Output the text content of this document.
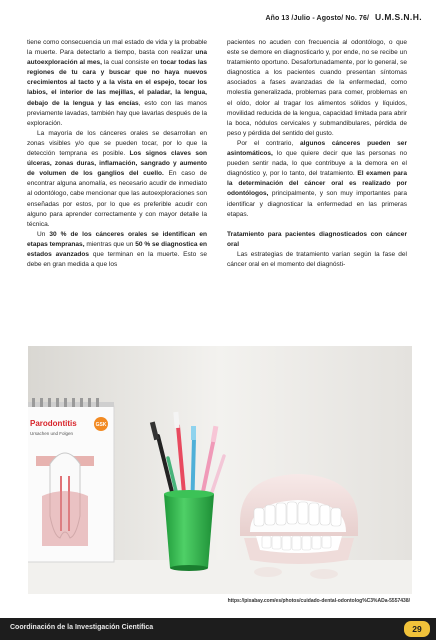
Año 13 /Julio - Agosto/ No. 76/ U.M.S.N.H.

tiene como consecuencia un mal estado de vida y la probable la muerte. Para detectarlo a tiempo, basta con realizar una autoexploración al mes, la cual consiste en tocar todas las regiones de tu cara y buscar que no haya nuevos crecimientos al tacto y a la vista en el espejo, tocar los labios, el interior de las mejillas, el paladar, la lengua, debajo de la lengua y las encías, esto con las manos previamente lavadas, también hay que lavarlas después de la exploración.

La mayoría de los cánceres orales se desarrollan en zonas visibles y/o que se pueden tocar, por lo que la detección temprana es posible. Los signos claves son úlceras, zonas duras, inflamación, sangrado y aumento de volumen de los ganglios del cuello. En caso de encontrar alguna anomalía, es necesario acudir de inmediato al odontólogo, cabe mencionar que las autoexploraciones son enseñadas por estos, por lo que es preferible acudir con alguno para aprender correctamente y con mayor detalle la técnica.

Un 30 % de los cánceres orales se identifican en etapas tempranas, mientras que un 50 % se diagnostica en estados avanzados que terminan en la muerte. Esto se debe en gran medida a que los

pacientes no acuden con frecuencia al odontólogo, o que este se demore en diagnosticarlo y, por ende, no se recibe un tratamiento oportuno. Desafortunadamente, por lo general, se diagnostica a los pacientes cuando presentan síntomas asociados a fases avanzadas de la enfermedad, como molestia generalizada, problemas para comer, problemas en el oído, dolor al tragar los alimentos sólidos y líquidos, movilidad reducida de la lengua, capacidad limitada para abrir la boca, nódulos cervicales y submandibulares, pérdida de peso y pérdida del sentido del gusto.

Por el contrario, algunos cánceres pueden ser asintomáticos, lo que quiere decir que las personas no pueden sentir nada, lo que contribuye a la demora en el diagnóstico y, por lo tanto, del tratamiento. El examen para la determinación del cáncer oral es realizado por odontólogos, principalmente, y son muy importantes para identificar y diagnosticar la enfermedad en las primeras etapas.

Tratamiento para pacientes diagnosticados con cáncer oral

Las estrategias de tratamiento varían según la fase del cáncer oral en el momento del diagnósti-

Parodontitis
Ursachen und Folgen
GSK
https://pixabay.com/es/photos/cuidado-dental-odontolog%C3%ADa-5557438/
Coordinación de la Investigación Científica	29
